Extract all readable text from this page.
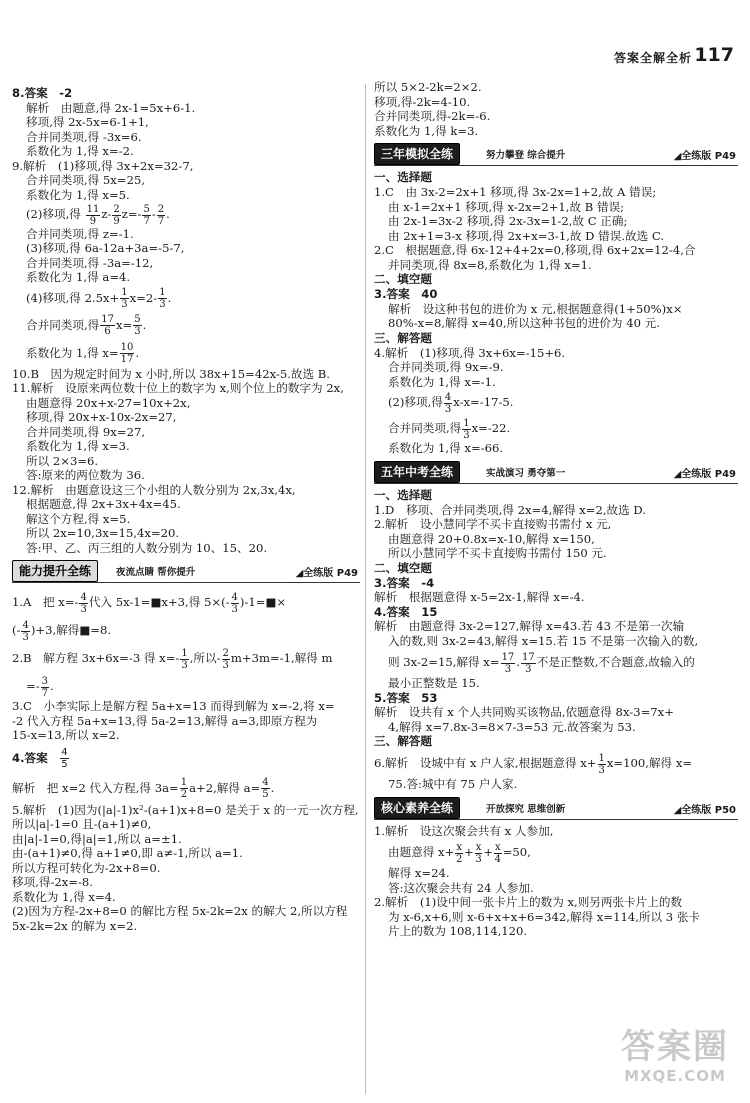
答案全解全析 117
8.答案　-2
解析　由题意,得 2x-1=5x+6-1.
移项,得 2x-5x=6-1+1,
合并同类项,得 -3x=6.
系数化为 1,得 x=-2.
9.解析　(1)移项,得 3x+2x=32-7,
合并同类项,得 5x=25,
系数化为 1,得 x=5.
(2)移项,得 $\frac{11}{9} z- \frac{2}{9} z=- \frac{5}{7} - \frac{2}{7}$ .
合并同类项,得 z=-1.
(3)移项,得 6a-12a+3a=-5-7,
合并同类项,得 -3a=-12,
系数化为 1,得 a=4.
(4)移项,得 $2.5x+ \frac{1}{3} x=2- \frac{1}{3}$ .
合并同类项,得 $\frac{17}{6} x= \frac{5}{3}$ .
系数化为 1,得 $x= \frac{10}{17}$ .
10.B　因为规定时间为 x 小时,所以 38x+15=42x-5.故选 B.
11.解析　设原来两位数十位上的数字为 x,则个位上的数字为 2x,
由题意得 20x+x-27=10x+2x,
移项,得 20x+x-10x-2x=27,
合并同类项,得 9x=27,
系数化为 1,得 x=3.
所以 2×3=6.
答:原来的两位数为 36.
12.解析　由题意设这三个小组的人数分别为 2x,3x,4x,
根据题意,得 2x+3x+4x=45.
解这个方程,得 x=5.
所以 2x=10,3x=15,4x=20.
答:甲、乙、丙三组的人数分别为 10、15、20.
能力提升全练	夜流点睛 帮你提升	◢全练版 P49
1.A　把 $x=- \frac{4}{3}$ 代入 5x-1=■x+3,得 $5\times(- \frac{4}{3}$ )-1=■×
(- $\frac{4}{3} )+3$,解得■=8.
2.B　解方程 3x+6x=-3 得 $x=- \frac{1}{3}$ ,所以- $\frac{2}{3} m+3m=-1$,解得 m
=- $\frac{3}{7}$ .
3.C　小李实际上是解方程 5a+x=13 而得到解为 x=-2,将 x=
-2 代入方程 5a+x=13,得 5a-2=13,解得 a=3,即原方程为
15-x=13,所以 x=2.
4.答案　 $\frac{4}{5}$
解析　把 x=2 代入方程,得 $3a= \frac{1}{2} a+2$,解得 $a= \frac{4}{5}$ .
5.解析　(1)因为(|a|-1)x²-(a+1)x+8=0 是关于 x 的一元一次方程,
所以|a|-1=0 且-(a+1)≠0,
由|a|-1=0,得|a|=1,所以 a=±1.
由-(a+1)≠0,得 a+1≠0,即 a≠-1,所以 a=1.
所以方程可转化为-2x+8=0.
移项,得-2x=-8.
系数化为 1,得 x=4.
(2)因为方程-2x+8=0 的解比方程 5x-2k=2x 的解大 2,所以方程 5x-2k=2x 的解为 x=2.
所以 5×2-2k=2×2.
移项,得-2k=4-10.
合并同类项,得-2k=-6.
系数化为 1,得 k=3.
三年模拟全练	努力攀登 综合提升	◢全练版 P49
一、选择题
1.C　由 3x-2=2x+1 移项,得 3x-2x=1+2,故 A 错误;
由 x-1=2x+1 移项,得 x-2x=2+1,故 B 错误;
由 2x-1=3x-2 移项,得 2x-3x=1-2,故 C 正确;
由 2x+1=3-x 移项,得 2x+x=3-1,故 D 错误.故选 C.
2.C　根据题意,得 6x-12+4+2x=0,移项,得 6x+2x=12-4,合
并同类项,得 8x=8,系数化为 1,得 x=1.
二、填空题
3.答案　40
解析　设这种书包的进价为 x 元,根据题意得(1+50%)x×
80%-x=8,解得 x=40,所以这种书包的进价为 40 元.
三、解答题
4.解析　(1)移项,得 3x+6x=-15+6.
合并同类项,得 9x=-9.
系数化为 1,得 x=-1.
(2)移项,得 $\frac{4}{3} x-x=-17-5$.
合并同类项,得 $\frac{1}{3} x=-22$.
系数化为 1,得 x=-66.
五年中考全练	实战演习 勇夺第一	◢全练版 P49
一、选择题
1.D　移项、合并同类项,得 2x=4,解得 x=2,故选 D.
2.解析　设小慧同学不买卡直接购书需付 x 元,
由题意得 20+0.8x=x-10,解得 x=150,
所以小慧同学不买卡直接购书需付 150 元.
二、填空题
3.答案　-4
解析　根据题意得 x-5=2x-1,解得 x=-4.
4.答案　15
解析　由题意得 3x-2=127,解得 x=43.若 43 不是第一次输
入的数,则 3x-2=43,解得 x=15.若 15 不是第一次输入的数,
则 3x-2=15,解得 $x= \frac{17}{3}$ . $\frac{17}{3}$ 不是正整数,不合题意,故输入的
最小正整数是 15.
5.答案　53
解析　设共有 x 个人共同购买该物品,依题意得 8x-3=7x+
4,解得 x=7.8x-3=8×7-3=53 元.故答案为 53.
三、解答题
6.解析　设城中有 x 户人家,根据题意得 $x+ \frac{1}{3} x=100$,解得 x=
75.答:城中有 75 户人家.
核心素养全练	开放探究 思维创新	◢全练版 P50
1.解析　设这次聚会共有 x 人参加,
由题意得 $x+ \frac{x}{2} + \frac{x}{3} + \frac{x}{4} =50$,
解得 x=24.
答:这次聚会共有 24 人参加.
2.解析　(1)设中间一张卡片上的数为 x,则另两张卡片上的数
为 x-6,x+6,则 x-6+x+x+6=342,解得 x=114,所以 3 张卡
片上的数为 108,114,120.
答案圈
MXQE.COM
